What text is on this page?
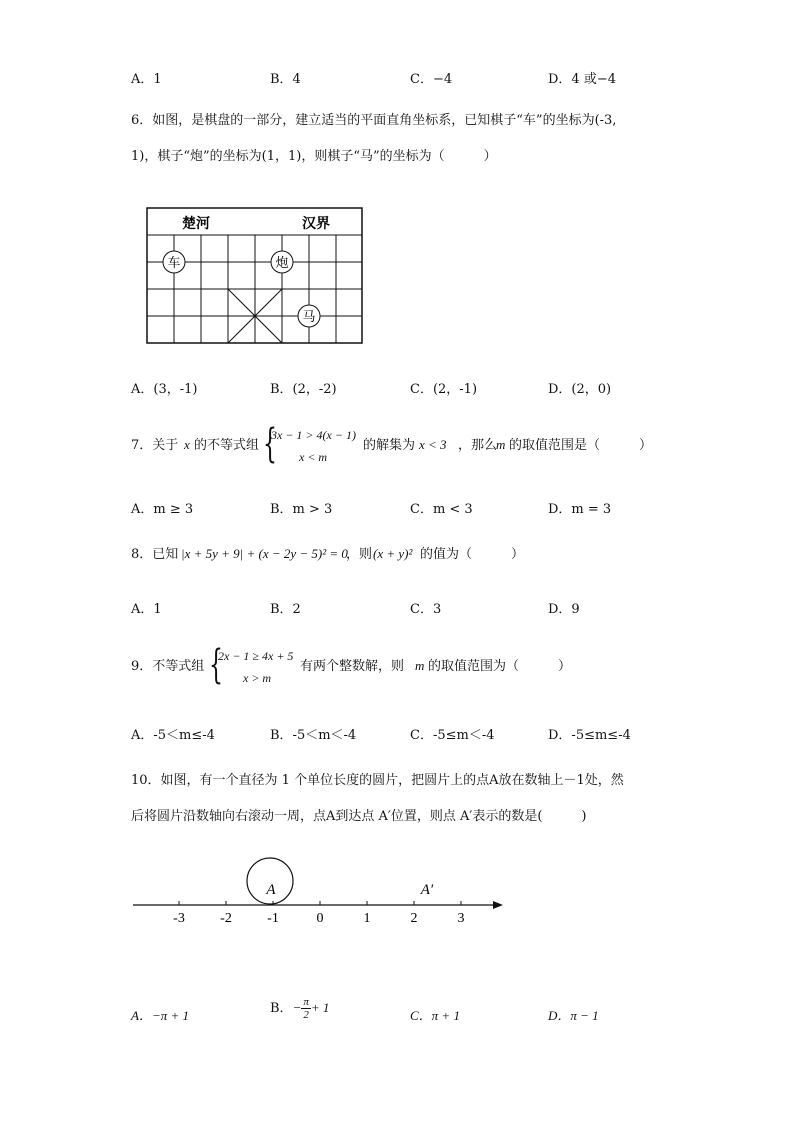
A．1	B．4	C．−4	D．4 或−4
6．如图，是棋盘的一部分，建立适当的平面直角坐标系，已知棋子“车”的坐标为(-3,
1)，棋子“炮”的坐标为(1，1)，则棋子“马”的坐标为（　　　）
楚河	汉界
车	炮
马
A．(3，-1)	B．(2，-2)	C．(2，-1)	D．(2，0)
7．关于 x 的不等式组 {
3x − 1 > 4(x − 1)
x < m
的解集为 x < 3 ，那么
m 的取值范围是（　　　）
A．m ≥ 3	B．m > 3	C．m < 3	D．m = 3
8．已知 |x + 5y + 9| + (x − 2y − 5)² = 0
，则 (x + y)² 的值为（　　　）
A．1	B．2	C．3	D．9
9．不等式组 {
2x − 1 ≥ 4x + 5
x > m
有两个整数解，则 m 的取值范围为（　　　）
A．-5＜m≤-4	B．-5＜m＜-4	C．-5≤m＜-4	D．-5≤m≤-4
10．如图，有一个直径为 1 个单位长度的圆片，把圆片上的点A放在数轴上－1处，然
后将圆片沿数轴向右滚动一周，点A到达点 A′位置，则点 A′表示的数是(　　　)
A	A′
-3	-2	-1	0	1	2	3
A．−π + 1	B．− $\frac{\pi}{2} + 1$
C．π + 1	D．π − 1
